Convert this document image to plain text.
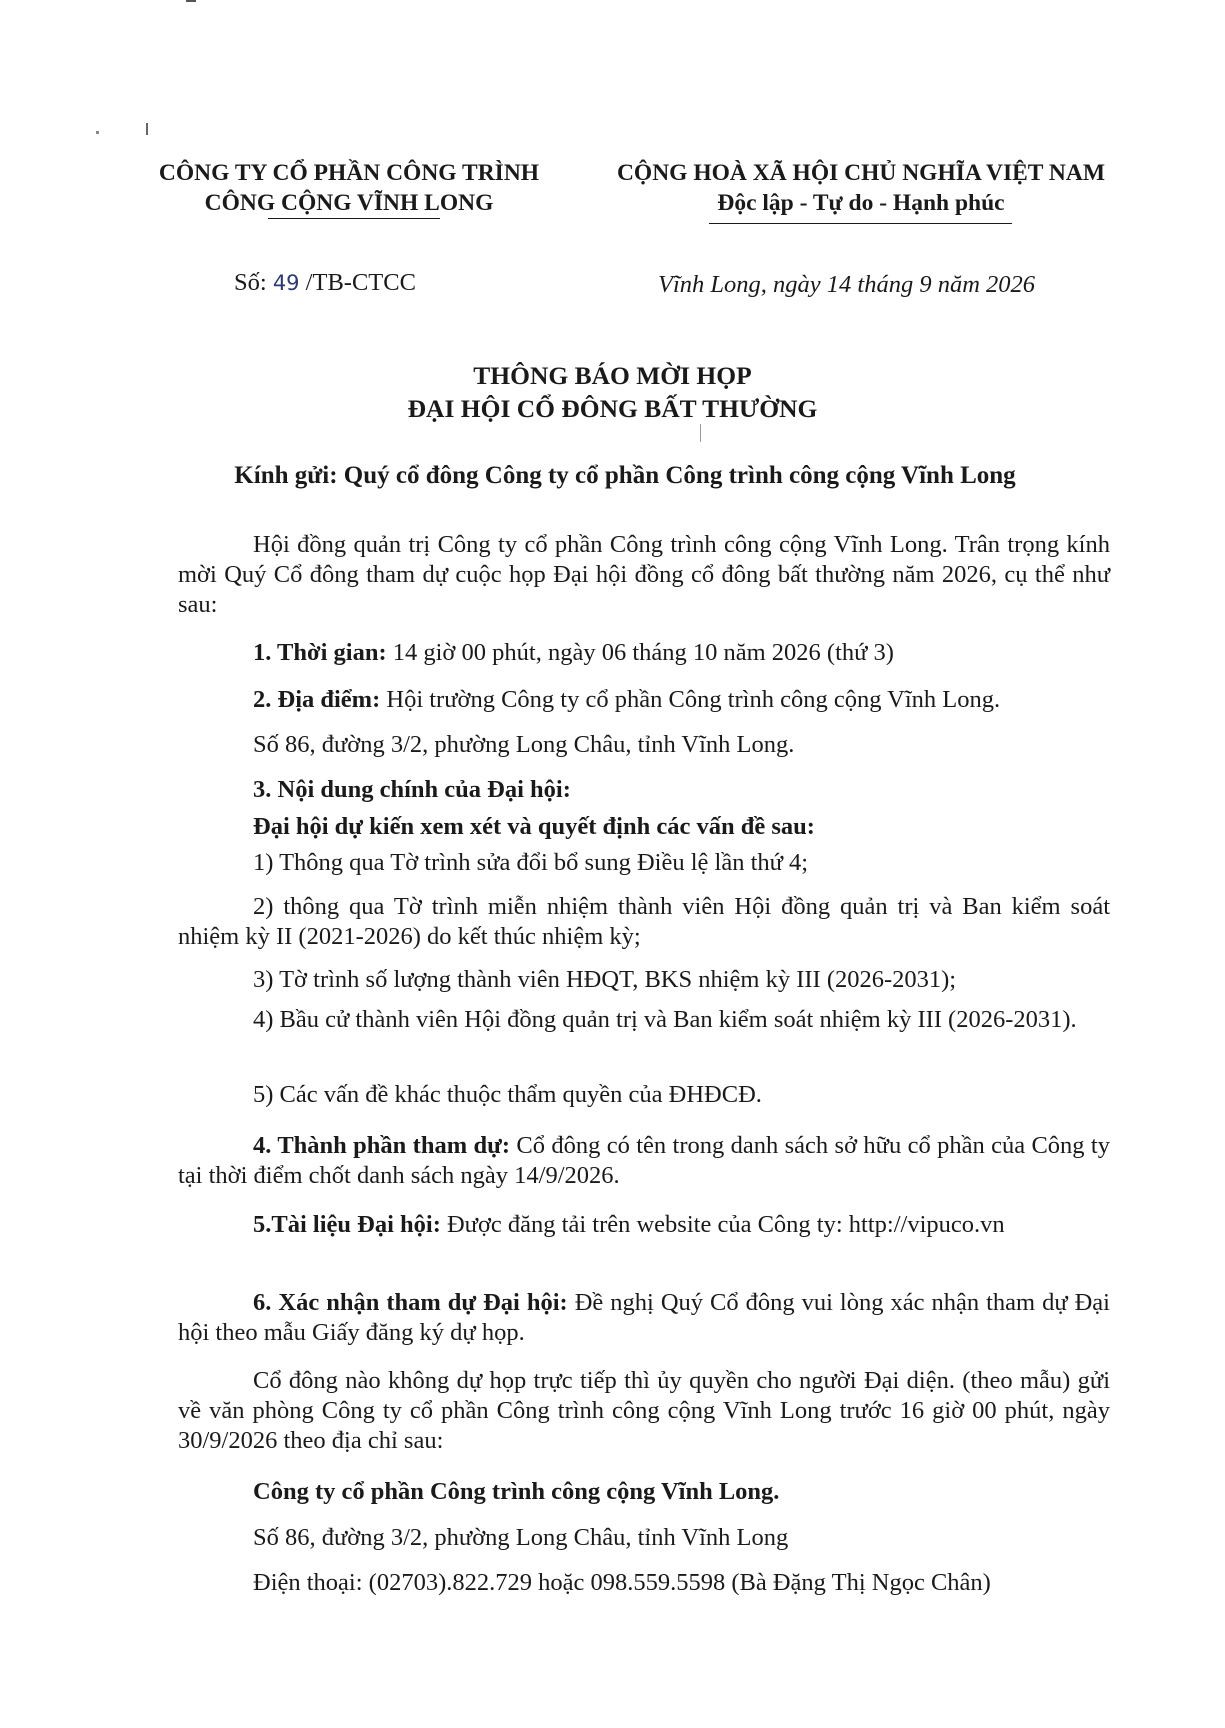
CÔNG TY CỔ PHẦN CÔNG TRÌNH
CÔNG CỘNG VĨNH LONG
CỘNG HOÀ XÃ HỘI CHỦ NGHĨA VIỆT NAM
Độc lập - Tự do - Hạnh phúc
Số: 49 /TB-CTCC	Vĩnh Long, ngày 14 tháng 9 năm 2026
THÔNG BÁO MỜI HỌP
ĐẠI HỘI CỔ ĐÔNG BẤT THƯỜNG
Kính gửi: Quý cổ đông Công ty cổ phần Công trình công cộng Vĩnh Long
Hội đồng quản trị Công ty cổ phần Công trình công cộng Vĩnh Long. Trân trọng kính mời Quý Cổ đông tham dự cuộc họp Đại hội đồng cổ đông bất thường năm 2026, cụ thể như sau:
1. Thời gian: 14 giờ 00 phút, ngày 06 tháng 10 năm 2026 (thứ 3)
2. Địa điểm: Hội trường Công ty cổ phần Công trình công cộng Vĩnh Long.
Số 86, đường 3/2, phường Long Châu, tỉnh Vĩnh Long.
3. Nội dung chính của Đại hội:
Đại hội dự kiến xem xét và quyết định các vấn đề sau:
1) Thông qua Tờ trình sửa đổi bổ sung Điều lệ lần thứ 4;
2) thông qua Tờ trình miễn nhiệm thành viên Hội đồng quản trị và Ban kiểm soát nhiệm kỳ II (2021-2026) do kết thúc nhiệm kỳ;
3) Tờ trình số lượng thành viên HĐQT, BKS nhiệm kỳ III (2026-2031);
4) Bầu cử thành viên Hội đồng quản trị và Ban kiểm soát nhiệm kỳ III (2026-2031).
5) Các vấn đề khác thuộc thẩm quyền của ĐHĐCĐ.
4. Thành phần tham dự: Cổ đông có tên trong danh sách sở hữu cổ phần của Công ty tại thời điểm chốt danh sách ngày 14/9/2026.
5.Tài liệu Đại hội: Được đăng tải trên website của Công ty: http://vipuco.vn
6. Xác nhận tham dự Đại hội: Đề nghị Quý Cổ đông vui lòng xác nhận tham dự Đại hội theo mẫu Giấy đăng ký dự họp.
Cổ đông nào không dự họp trực tiếp thì ủy quyền cho người Đại diện. (theo mẫu) gửi về văn phòng Công ty cổ phần Công trình công cộng Vĩnh Long trước 16 giờ 00 phút, ngày 30/9/2026 theo địa chỉ sau:
Công ty cổ phần Công trình công cộng Vĩnh Long.
Số 86, đường 3/2, phường Long Châu, tỉnh Vĩnh Long
Điện thoại: (02703).822.729 hoặc 098.559.5598 (Bà Đặng Thị Ngọc Chân)
